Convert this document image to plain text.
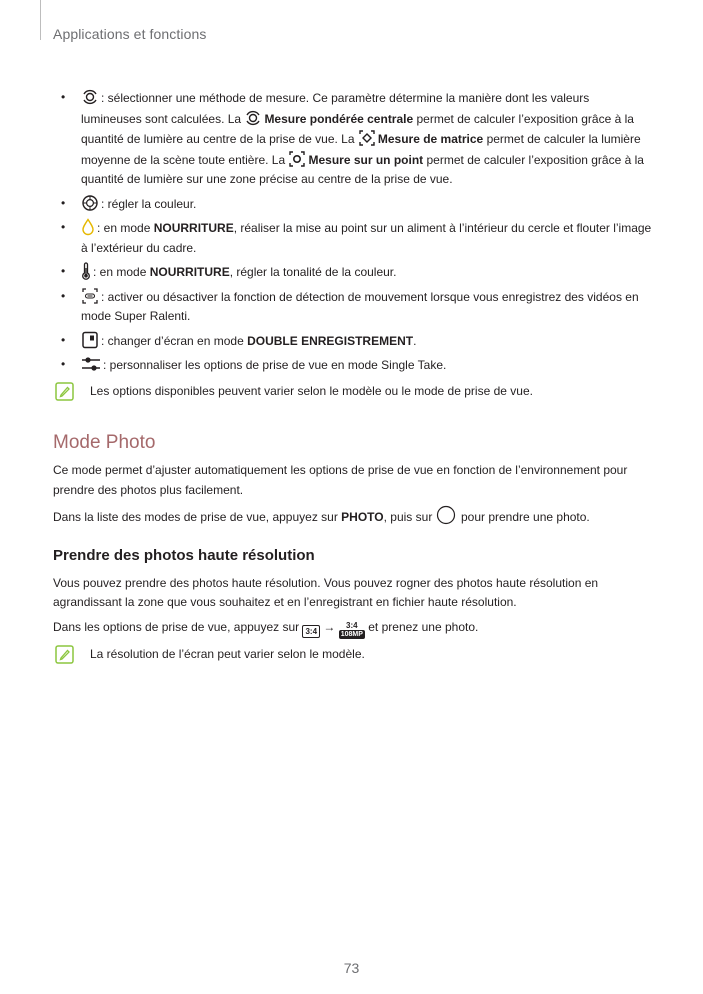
Applications et fonctions
•	: sélectionner une méthode de mesure. Ce paramètre détermine la manière dont les valeurs lumineuses sont calculées. La
Mesure pondérée centrale permet de calculer l’exposition grâce à la quantité de lumière au centre de la prise de vue. La
Mesure de matrice permet de calculer la lumière moyenne de la scène toute entière. La
Mesure sur un point permet de calculer l’exposition grâce à la quantité de lumière sur une zone précise au centre de la prise de vue.
•	: régler la couleur.
•	: en mode NOURRITURE, réaliser la mise au point sur un aliment à l’intérieur du cercle et flouter l’image à l’extérieur du cadre.
• : en mode NOURRITURE, régler la tonalité de la couleur.
•	: activer ou désactiver la fonction de détection de mouvement lorsque vous enregistrez des vidéos en mode Super Ralenti.
•	: changer d’écran en mode DOUBLE ENREGISTREMENT.
•	: personnaliser les options de prise de vue en mode Single Take.
Les options disponibles peuvent varier selon le modèle ou le mode de prise de vue.
Mode Photo

Ce mode permet d’ajuster automatiquement les options de prise de vue en fonction de l’environnement pour prendre des photos plus facilement.

Dans la liste des modes de prise de vue, appuyez sur PHOTO, puis sur
pour prendre une photo.

Prendre des photos haute résolution

Vous pouvez prendre des photos haute résolution. Vous pouvez rogner des photos haute résolution en agrandissant la zone que vous souhaitez et en l’enregistrant en fichier haute résolution.

Dans les options de prise de vue, appuyez sur 3:4 → 3:4
108MP
et prenez une photo.

La résolution de l’écran peut varier selon le modèle.
73
